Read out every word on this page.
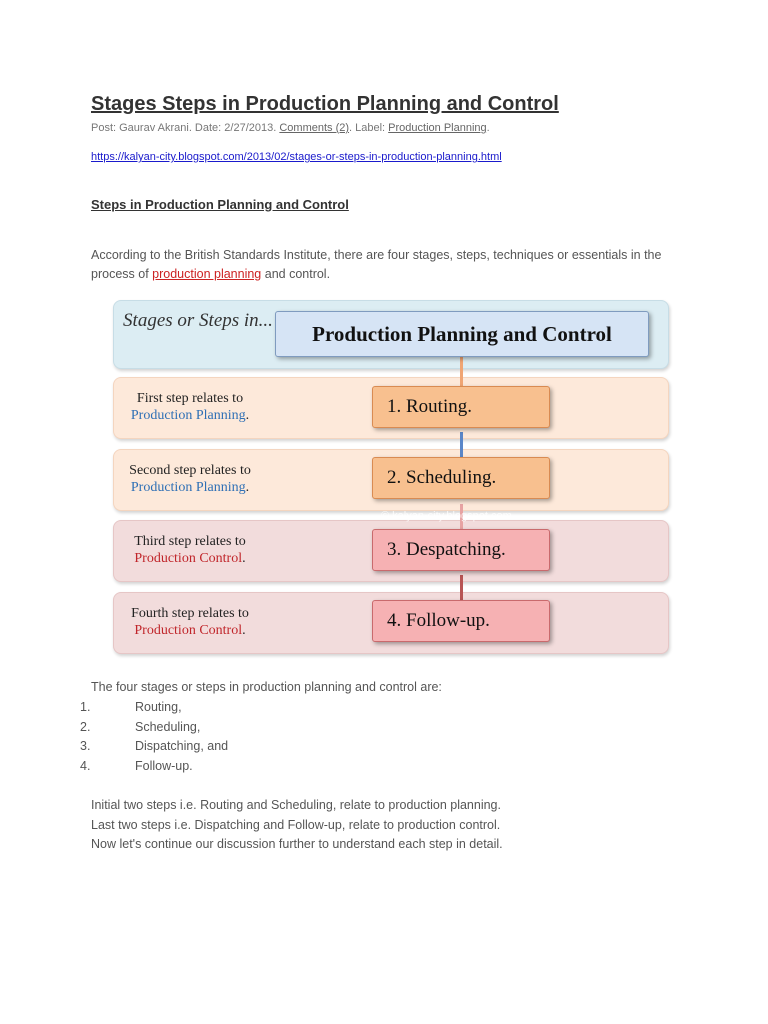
Stages Steps in Production Planning and Control
Post: Gaurav Akrani. Date: 2/27/2013. Comments (2). Label: Production Planning.
https://kalyan-city.blogspot.com/2013/02/stages-or-steps-in-production-planning.html
Steps in Production Planning and Control
According to the British Standards Institute, there are four stages, steps, techniques or essentials in the process of production planning and control.
Stages or Steps in...
Production Planning and Control
First step relates to
Production Planning.
Second step relates to
Production Planning.
Third step relates to
Production Control.
Fourth step relates to
Production Control.
1. Routing.
2. Scheduling.
3. Despatching.
4. Follow-up.
© kalyan-city.blogspot.com
The four stages or steps in production planning and control are:
1.	Routing,
2.	Scheduling,
3.	Dispatching, and
4.	Follow-up.
Initial two steps i.e. Routing and Scheduling, relate to production planning.
Last two steps i.e. Dispatching and Follow-up, relate to production control.
Now let's continue our discussion further to understand each step in detail.
